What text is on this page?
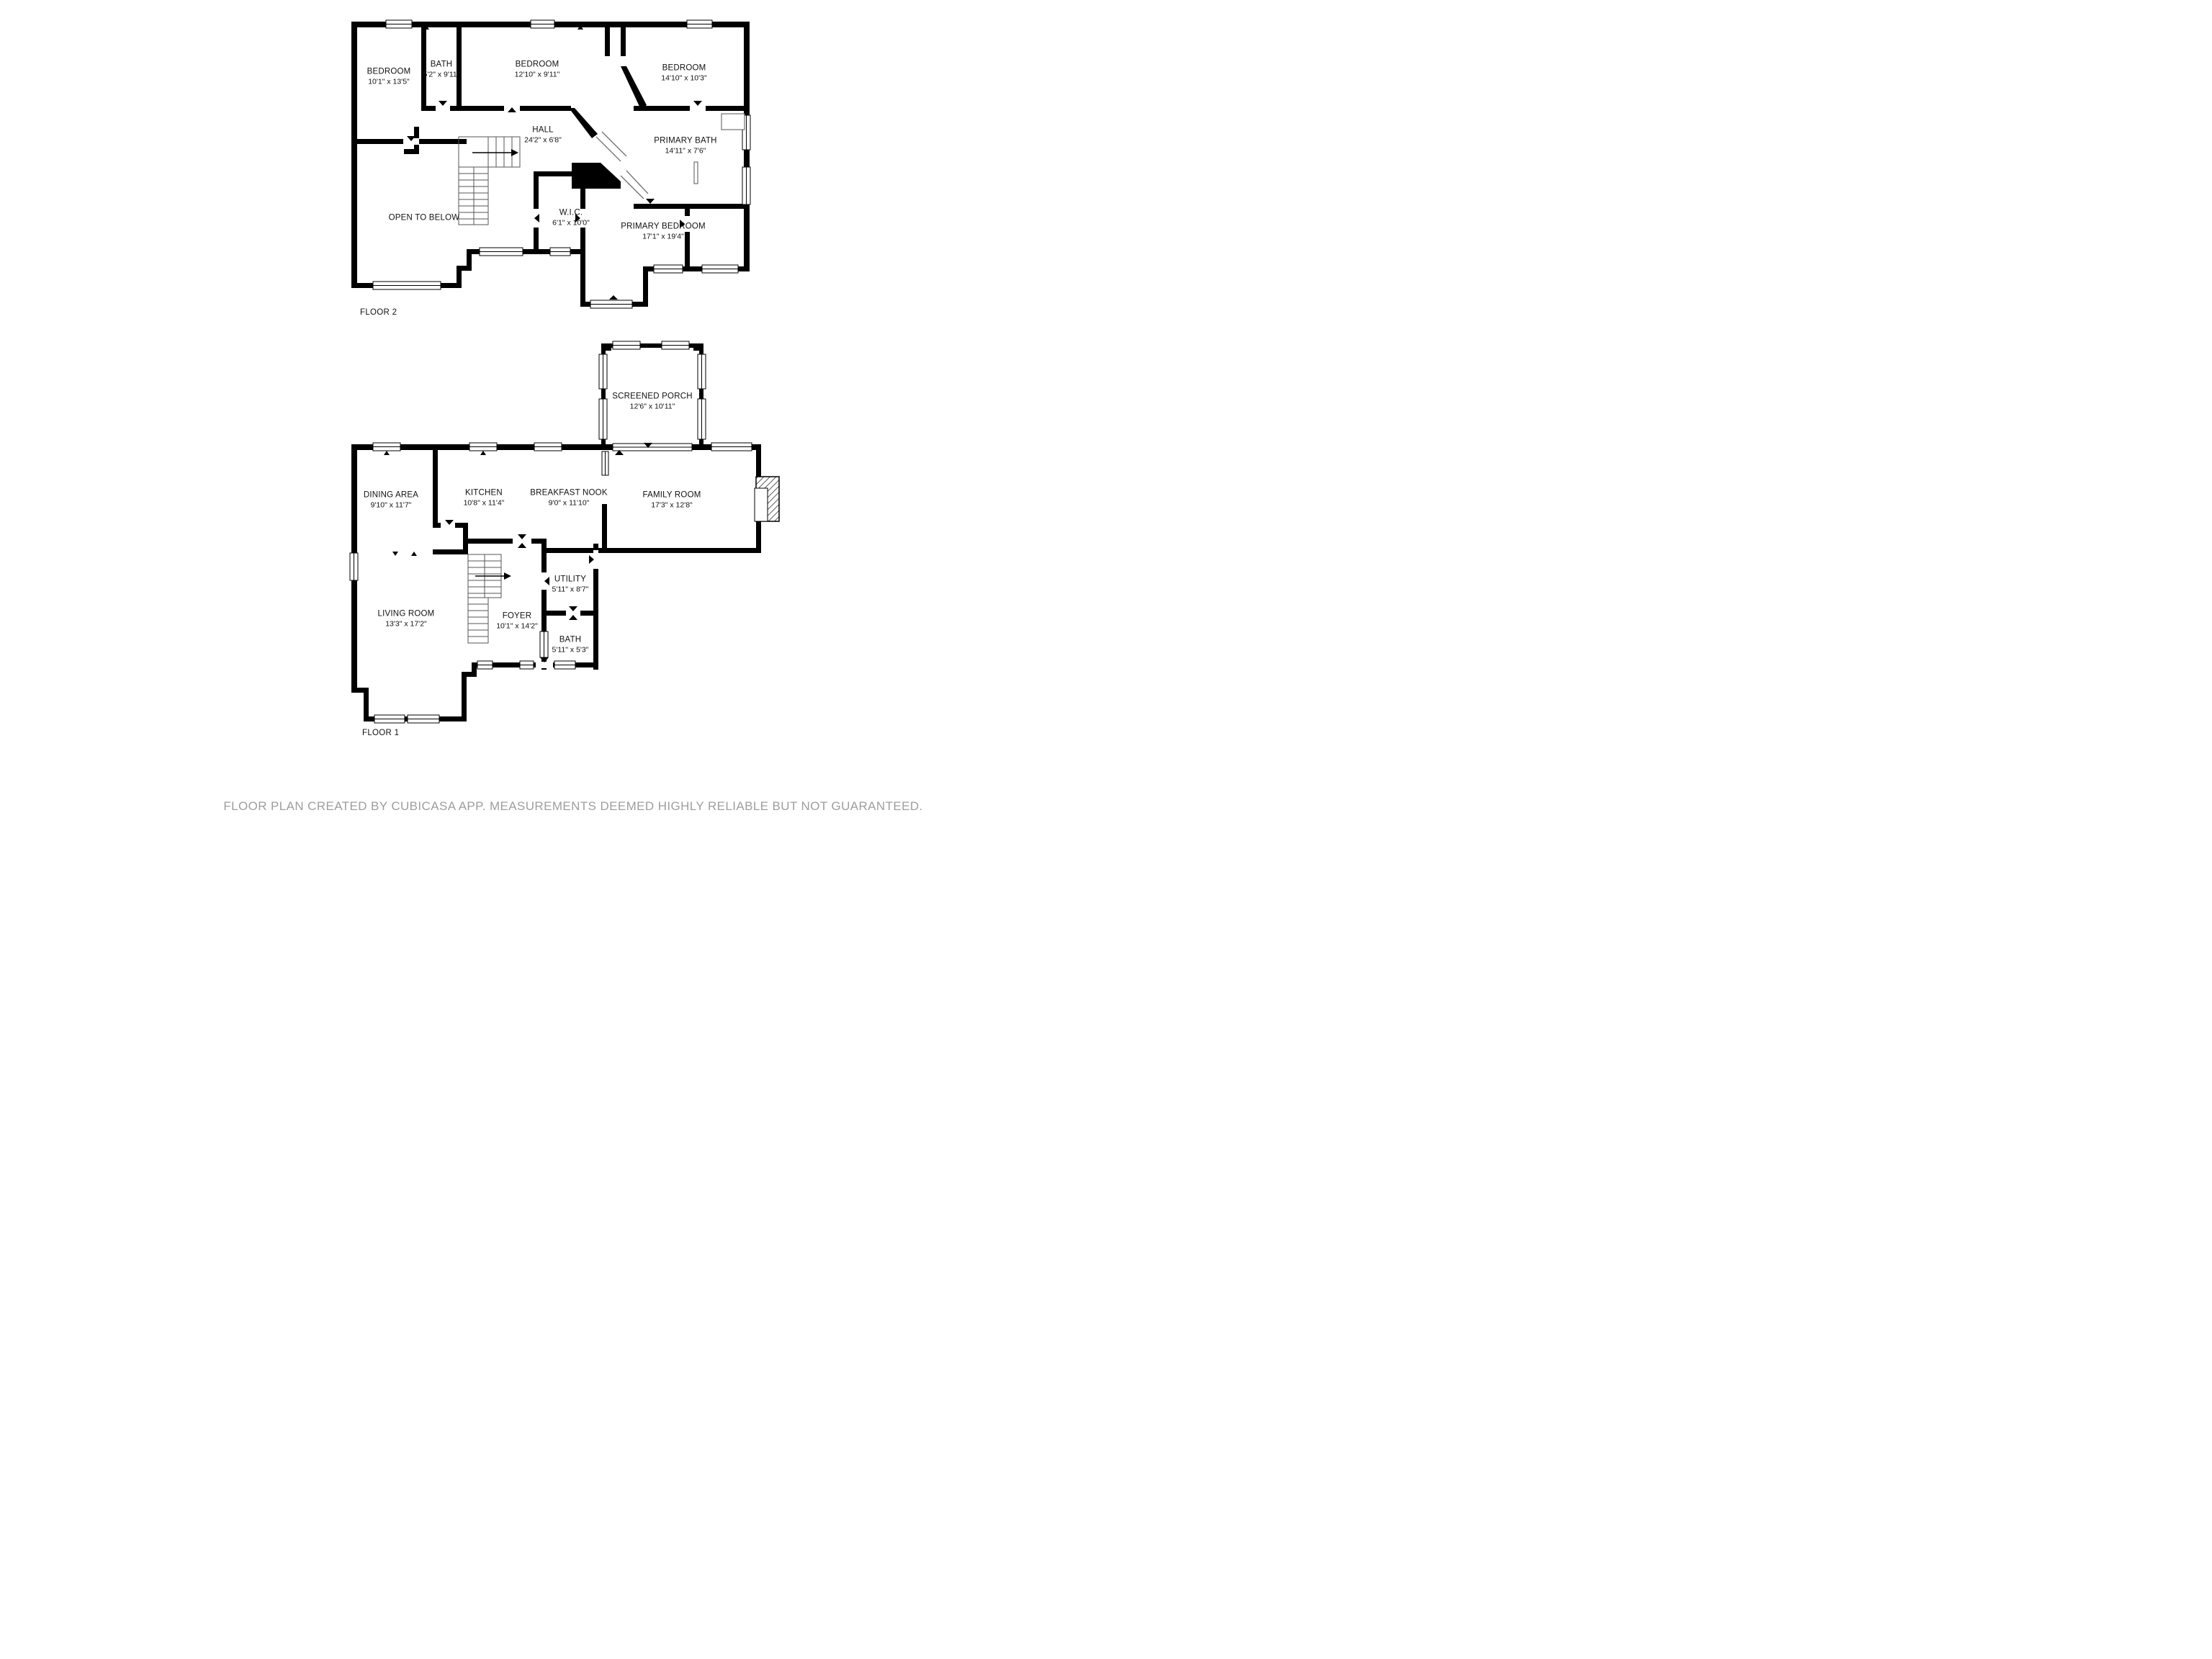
BEDROOM
10'1" x 13'5"
BATH
5'2" x 9'11"
BEDROOM
12'10" x 9'11"
BEDROOM
14'10" x 10'3"
HALL
24'2" x 6'8"	PRIMARY BATH
14'11" x 7'6"
OPEN TO BELOW
W.I.C.
6'1" x 10'0"	PRIMARY BEDROOM
17'1" x 19'4"
FLOOR 2
SCREENED PORCH
12'6" x 10'11"
DINING AREA
9'10" x 11'7"
KITCHEN
10'8" x 11'4"
BREAKFAST NOOK
9'0" x 11'10"
FAMILY ROOM
17'3" x 12'8"
LIVING ROOM
13'3" x 17'2"
FOYER
10'1" x 14'2"
UTILITY
5'11" x 8'7"
BATH
5'11" x 5'3"
FLOOR 1
FLOOR PLAN CREATED BY CUBICASA APP. MEASUREMENTS DEEMED HIGHLY RELIABLE BUT NOT GUARANTEED.
